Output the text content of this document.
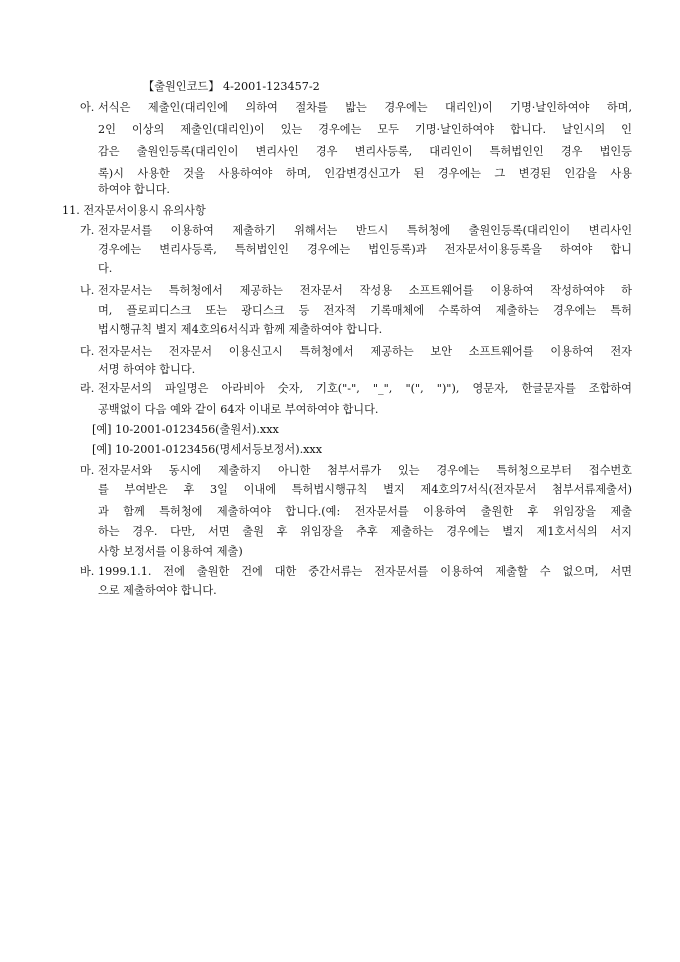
【출원인코드】 4-2001-123457-2
아. 서식은 제출인(대리인에 의하여 절차를 밟는 경우에는 대리인)이 기명·날인하여야 하며,
2인 이상의 제출인(대리인)이 있는 경우에는 모두 기명·날인하여야 합니다. 날인시의 인
감은 출원인등록(대리인이 변리사인 경우 변리사등록, 대리인이 특허법인인 경우 법인등
록)시 사용한 것을 사용하여야 하며, 인감변경신고가 된 경우에는 그 변경된 인감을 사용
하여야 합니다.
11. 전자문서이용시 유의사항
가. 전자문서를 이용하여 제출하기 위해서는 반드시 특허청에 출원인등록(대리인이 변리사인
경우에는 변리사등록, 특허법인인 경우에는 법인등록)과 전자문서이용등록을 하여야 합니
다.
나. 전자문서는 특허청에서 제공하는 전자문서 작성용 소프트웨어를 이용하여 작성하여야 하
며, 플로피디스크 또는 광디스크 등 전자적 기록매체에 수록하여 제출하는 경우에는 특허
법시행규칙 별지 제4호의6서식과 함께 제출하여야 합니다.
다. 전자문서는 전자문서 이용신고시 특허청에서 제공하는 보안 소프트웨어를 이용하여 전자
서명 하여야 합니다.
라. 전자문서의 파일명은 아라비아 숫자, 기호("-", "_", "(", ")"), 영문자, 한글문자를 조합하여
공백없이 다음 예와 같이 64자 이내로 부여하여야 합니다.
[예] 10-2001-0123456(출원서).xxx
[예] 10-2001-0123456(명세서등보정서).xxx
마. 전자문서와 동시에 제출하지 아니한 첨부서류가 있는 경우에는 특허청으로부터 접수번호
를 부여받은 후 3일 이내에 특허법시행규칙 별지 제4호의7서식(전자문서 첨부서류제출서)
과 함께 특허청에 제출하여야 합니다.(예: 전자문서를 이용하여 출원한 후 위임장을 제출
하는 경우. 다만, 서면 출원 후 위임장을 추후 제출하는 경우에는 별지 제1호서식의 서지
사항 보정서를 이용하여 제출)
바. 1999.1.1. 전에 출원한 건에 대한 중간서류는 전자문서를 이용하여 제출할 수 없으며, 서면
으로 제출하여야 합니다.
